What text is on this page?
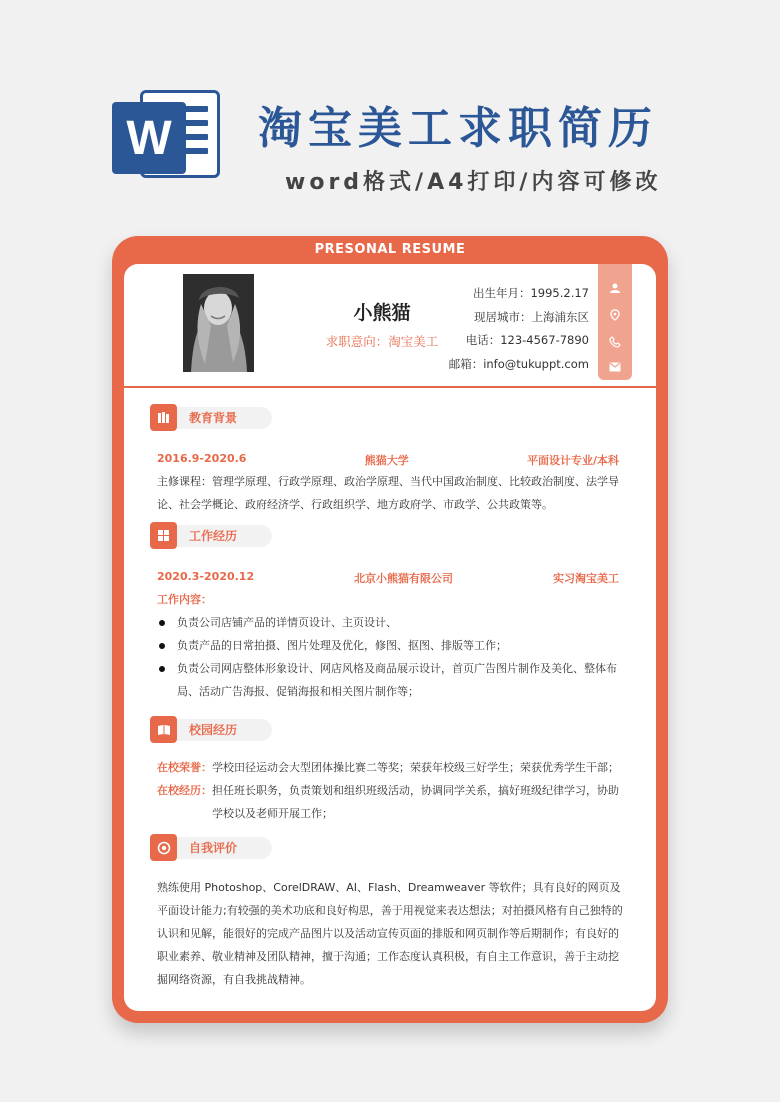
W	淘宝美工求职简历
word格式/A4打印/内容可修改
PRESONAL RESUME
小熊猫
求职意向：淘宝美工
出生年月：1995.2.17
现居城市：上海浦东区
电话：123-4567-7890
邮箱：info@tukuppt.com
教育背景
2016.9-2020.6	熊猫大学	平面设计专业/本科
主修课程：管理学原理、行政学原理、政治学原理、当代中国政治制度、比较政治制度、法学导论、社会学概论、政府经济学、行政组织学、地方政府学、市政学、公共政策等。
工作经历
2020.3-2020.12	北京小熊猫有限公司	实习淘宝美工
工作内容：
负责公司店铺产品的详情页设计、主页设计、
负责产品的日常拍摄、图片处理及优化，修图、抠图、排版等工作；
负责公司网店整体形象设计、网店风格及商品展示设计，首页广告图片制作及美化、整体布局、活动广告海报、促销海报和相关图片制作等；
校园经历
在校荣誉： 学校田径运动会大型团体操比赛二等奖；荣获年校级三好学生；荣获优秀学生干部；
在校经历： 担任班长职务，负责策划和组织班级活动，协调同学关系，搞好班级纪律学习，协助学校以及老师开展工作；
自我评价
熟练使用 Photoshop、CorelDRAW、AI、Flash、Dreamweaver 等软件；具有良好的网页及平面设计能力;有较强的美术功底和良好构思，善于用视觉来表达想法；对拍摄风格有自己独特的认识和见解，能很好的完成产品图片以及活动宣传页面的排版和网页制作等后期制作；有良好的职业素养、敬业精神及团队精神，擅于沟通；工作态度认真积极，有自主工作意识，善于主动挖掘网络资源，有自我挑战精神。
